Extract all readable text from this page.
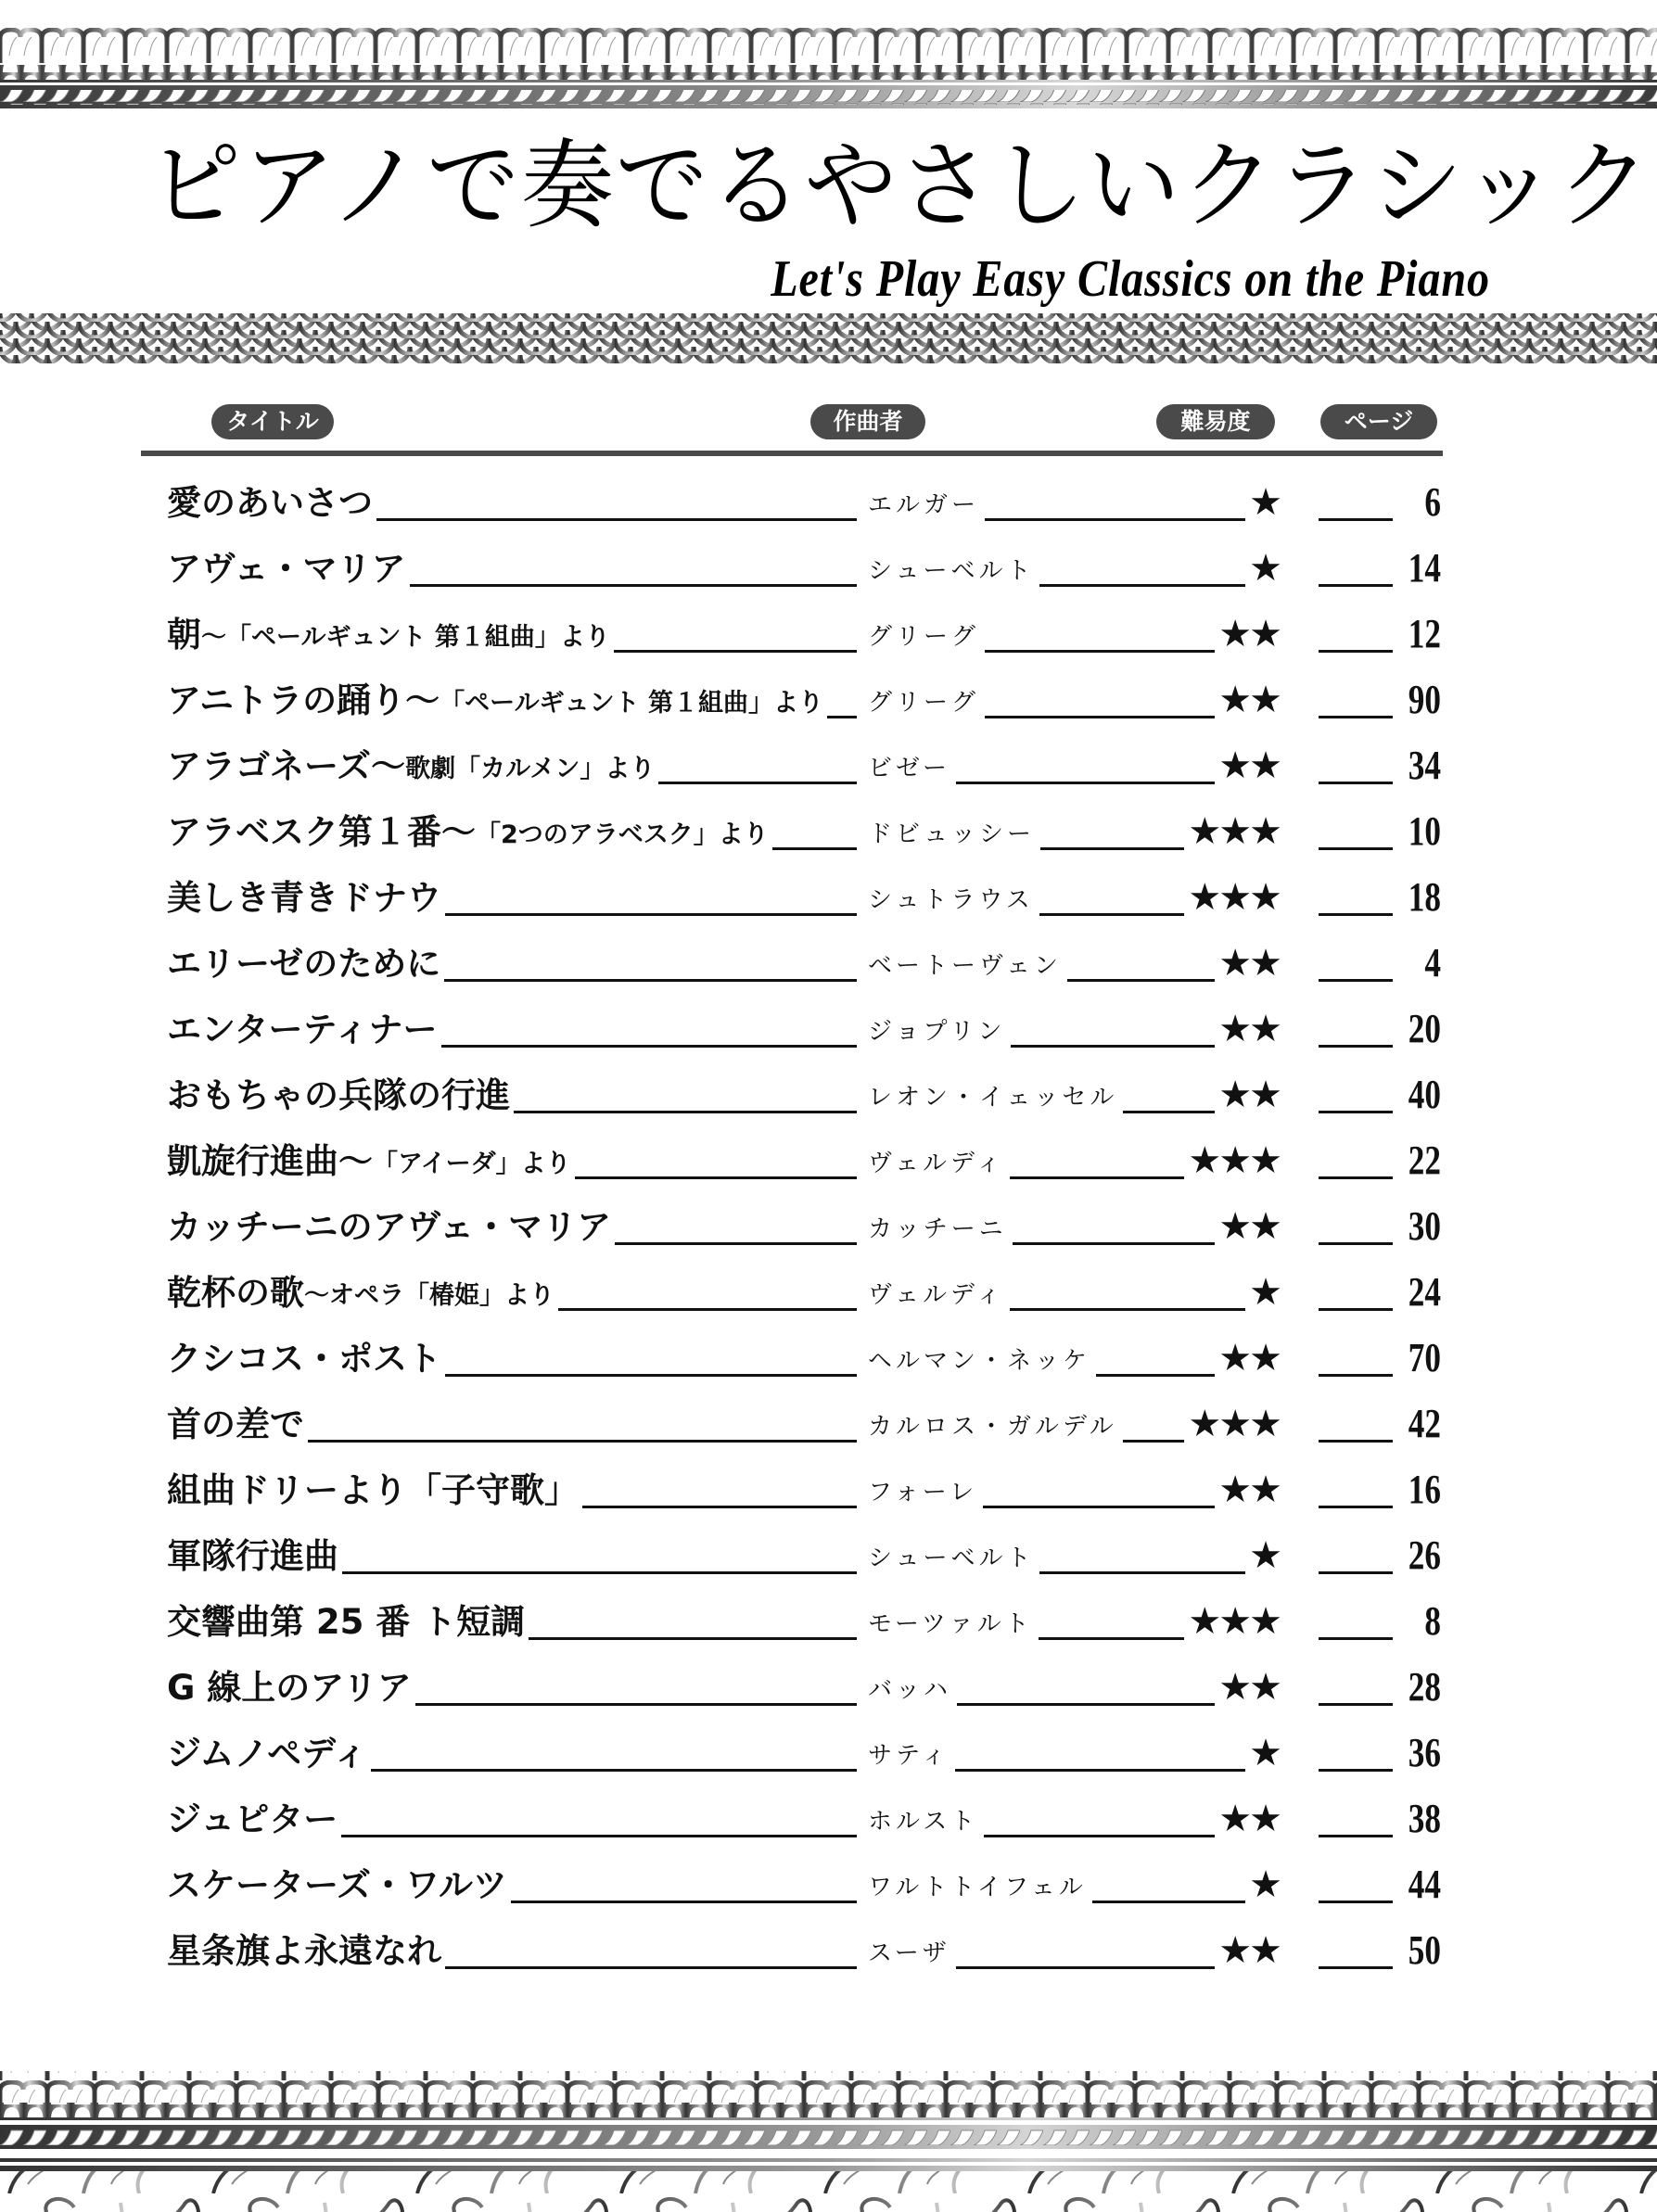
ピアノで奏でるやさしいクラシック
Let's Play Easy Classics on the Piano
タイトル	作曲者	難易度	ページ
愛のあいさつ	エルガー	★	6
アヴェ・マリア	シューベルト	★	14
朝 ～「ペールギュント 第１組曲」より	グリーグ	★★	12
アニトラの踊り～ 「ペールギュント 第１組曲」より グリーグ	★★	90
アラゴネーズ～ 歌劇「カルメン」より	ビゼー	★★	34
アラベスク第１番～ 「2つのアラベスク」より	ドビュッシー	★★★	10
美しき青きドナウ	シュトラウス	★★★	18
エリーゼのために	ベートーヴェン	★★	4
エンターティナー	ジョプリン	★★	20
おもちゃの兵隊の行進	レオン・イェッセル	★★	40
凱旋行進曲～ 「アイーダ」より	ヴェルディ	★★★	22
カッチーニのアヴェ・マリア	カッチーニ	★★	30
乾杯の歌 ～オペラ「椿姫」より	ヴェルディ	★	24
クシコス・ポスト	ヘルマン・ネッケ	★★	70
首の差で	カルロス・ガルデル ★★★	42
組曲ドリーより「子守歌」	フォーレ	★★	16
軍隊行進曲	シューベルト	★	26
交響曲第 25 番 ト短調	モーツァルト	★★★	8
G 線上のアリア	バッハ	★★	28
ジムノペディ	サティ	★	36
ジュピター	ホルスト	★★	38
スケーターズ・ワルツ	ワルトトイフェル	★	44
星条旗よ永遠なれ	スーザ	★★	50
